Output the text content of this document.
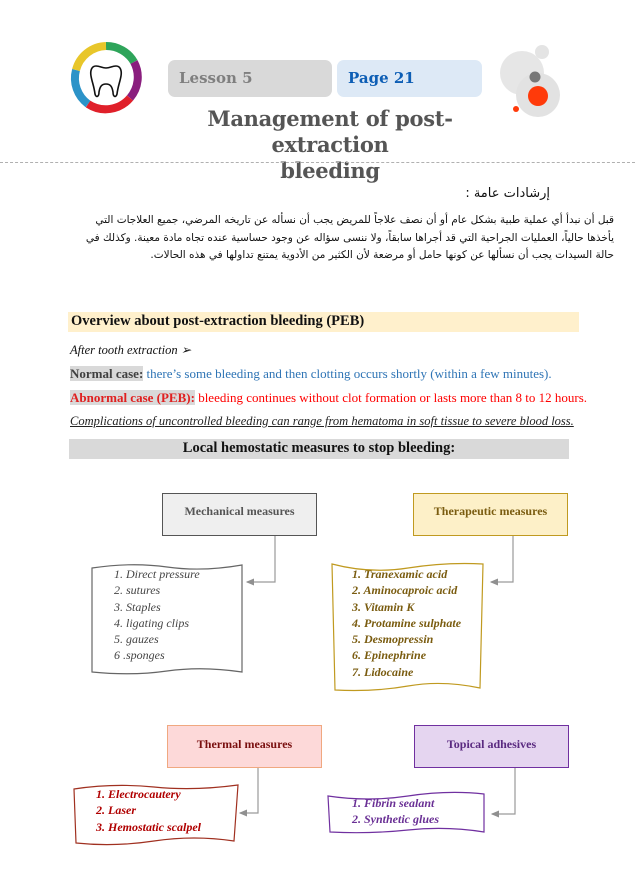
Lesson 5	Page 21
Management of post-extraction
bleeding
إرشادات عامة :
قبل أن نبدأ أي عملية طبية بشكل عام أو أن نصف علاجاً للمريض يجب أن نسأله عن تاريخه المرضي، جميع العلاجات التي يأخذها حالياً، العمليات الجراحية التي قد أجراها سابقاً، ولا ننسى سؤاله عن وجود حساسية عنده تجاه مادة معينة. وكذلك في حالة السيدات يجب أن نسألها عن كونها حامل أو مرضعة لأن الكثير من الأدوية يمتنع تداولها في هذه الحالات.
Overview about post-extraction bleeding (PEB)
After tooth extraction ➢
Normal case: there’s some bleeding and then clotting occurs shortly (within a few minutes).
Abnormal case (PEB): bleeding continues without clot formation or lasts more than 8 to 12 hours.
Complications of uncontrolled bleeding can range from hematoma in soft tissue to severe blood loss.
Local hemostatic measures to stop bleeding:
Mechanical measures	Therapeutic measures
Thermal measures	Topical adhesives
1. Direct pressure
2. sutures
3. Staples
4. ligating clips
5. gauzes
6 .sponges
1. Tranexamic acid
2. Aminocaproic acid
3. Vitamin K
4. Protamine sulphate
5. Desmopressin
6. Epinephrine
7. Lidocaine
1. Electrocautery
2. Laser
3. Hemostatic scalpel
1. Fibrin sealant
2. Synthetic glues
